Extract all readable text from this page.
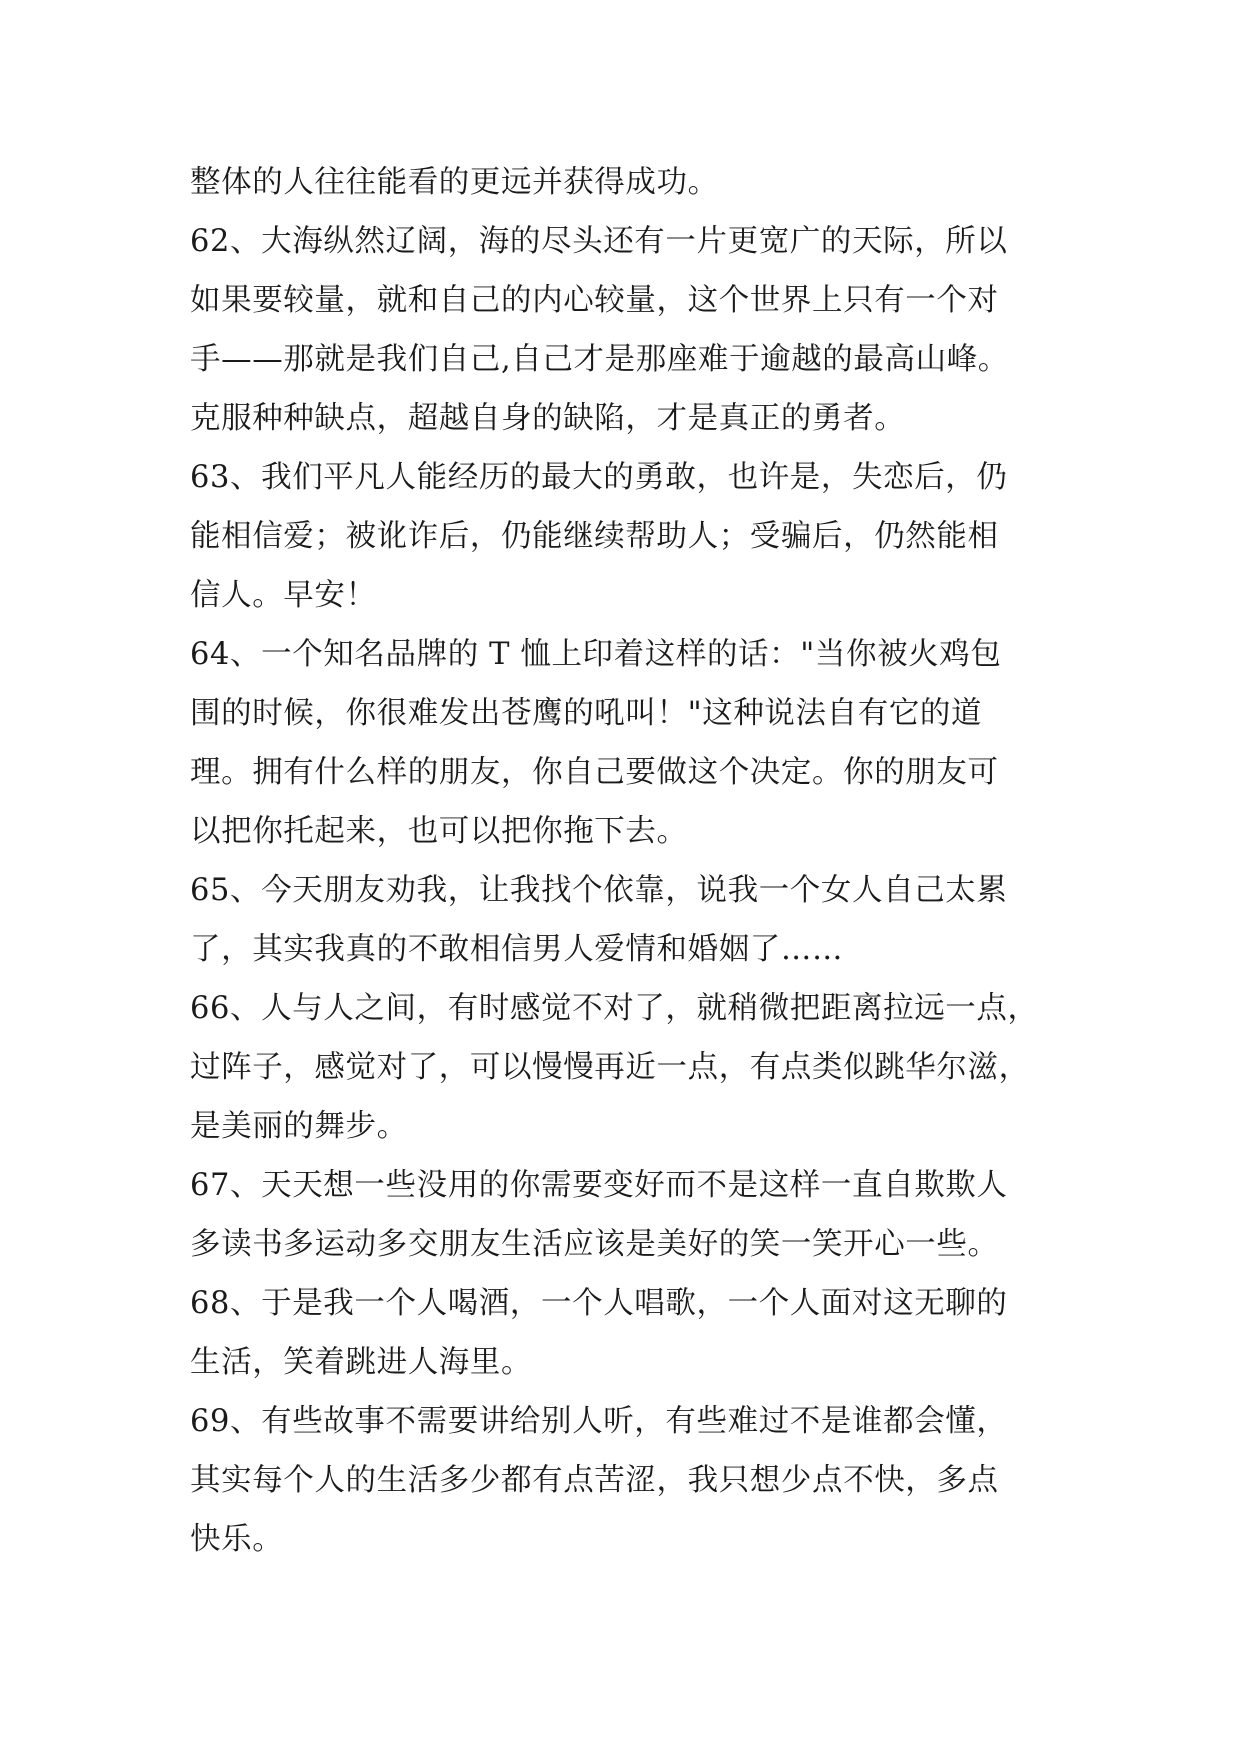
整体的人往往能看的更远并获得成功。
62、大海纵然辽阔，海的尽头还有一片更宽广的天际，所以
如果要较量，就和自己的内心较量，这个世界上只有一个对
手——那就是我们自己,自己才是那座难于逾越的最高山峰。
克服种种缺点，超越自身的缺陷，才是真正的勇者。
63、我们平凡人能经历的最大的勇敢，也许是，失恋后，仍
能相信爱；被讹诈后，仍能继续帮助人；受骗后，仍然能相
信人。早安！
64、一个知名品牌的 T 恤上印着这样的话："当你被火鸡包
围的时候，你很难发出苍鹰的吼叫！"这种说法自有它的道
理。拥有什么样的朋友，你自己要做这个决定。你的朋友可
以把你托起来，也可以把你拖下去。
65、今天朋友劝我，让我找个依靠，说我一个女人自己太累
了，其实我真的不敢相信男人爱情和婚姻了……
66、人与人之间，有时感觉不对了，就稍微把距离拉远一点，
过阵子，感觉对了，可以慢慢再近一点，有点类似跳华尔滋，
是美丽的舞步。
67、天天想一些没用的你需要变好而不是这样一直自欺欺人
多读书多运动多交朋友生活应该是美好的笑一笑开心一些。
68、于是我一个人喝酒，一个人唱歌，一个人面对这无聊的
生活，笑着跳进人海里。
69、有些故事不需要讲给别人听，有些难过不是谁都会懂，
其实每个人的生活多少都有点苦涩，我只想少点不快，多点
快乐。
